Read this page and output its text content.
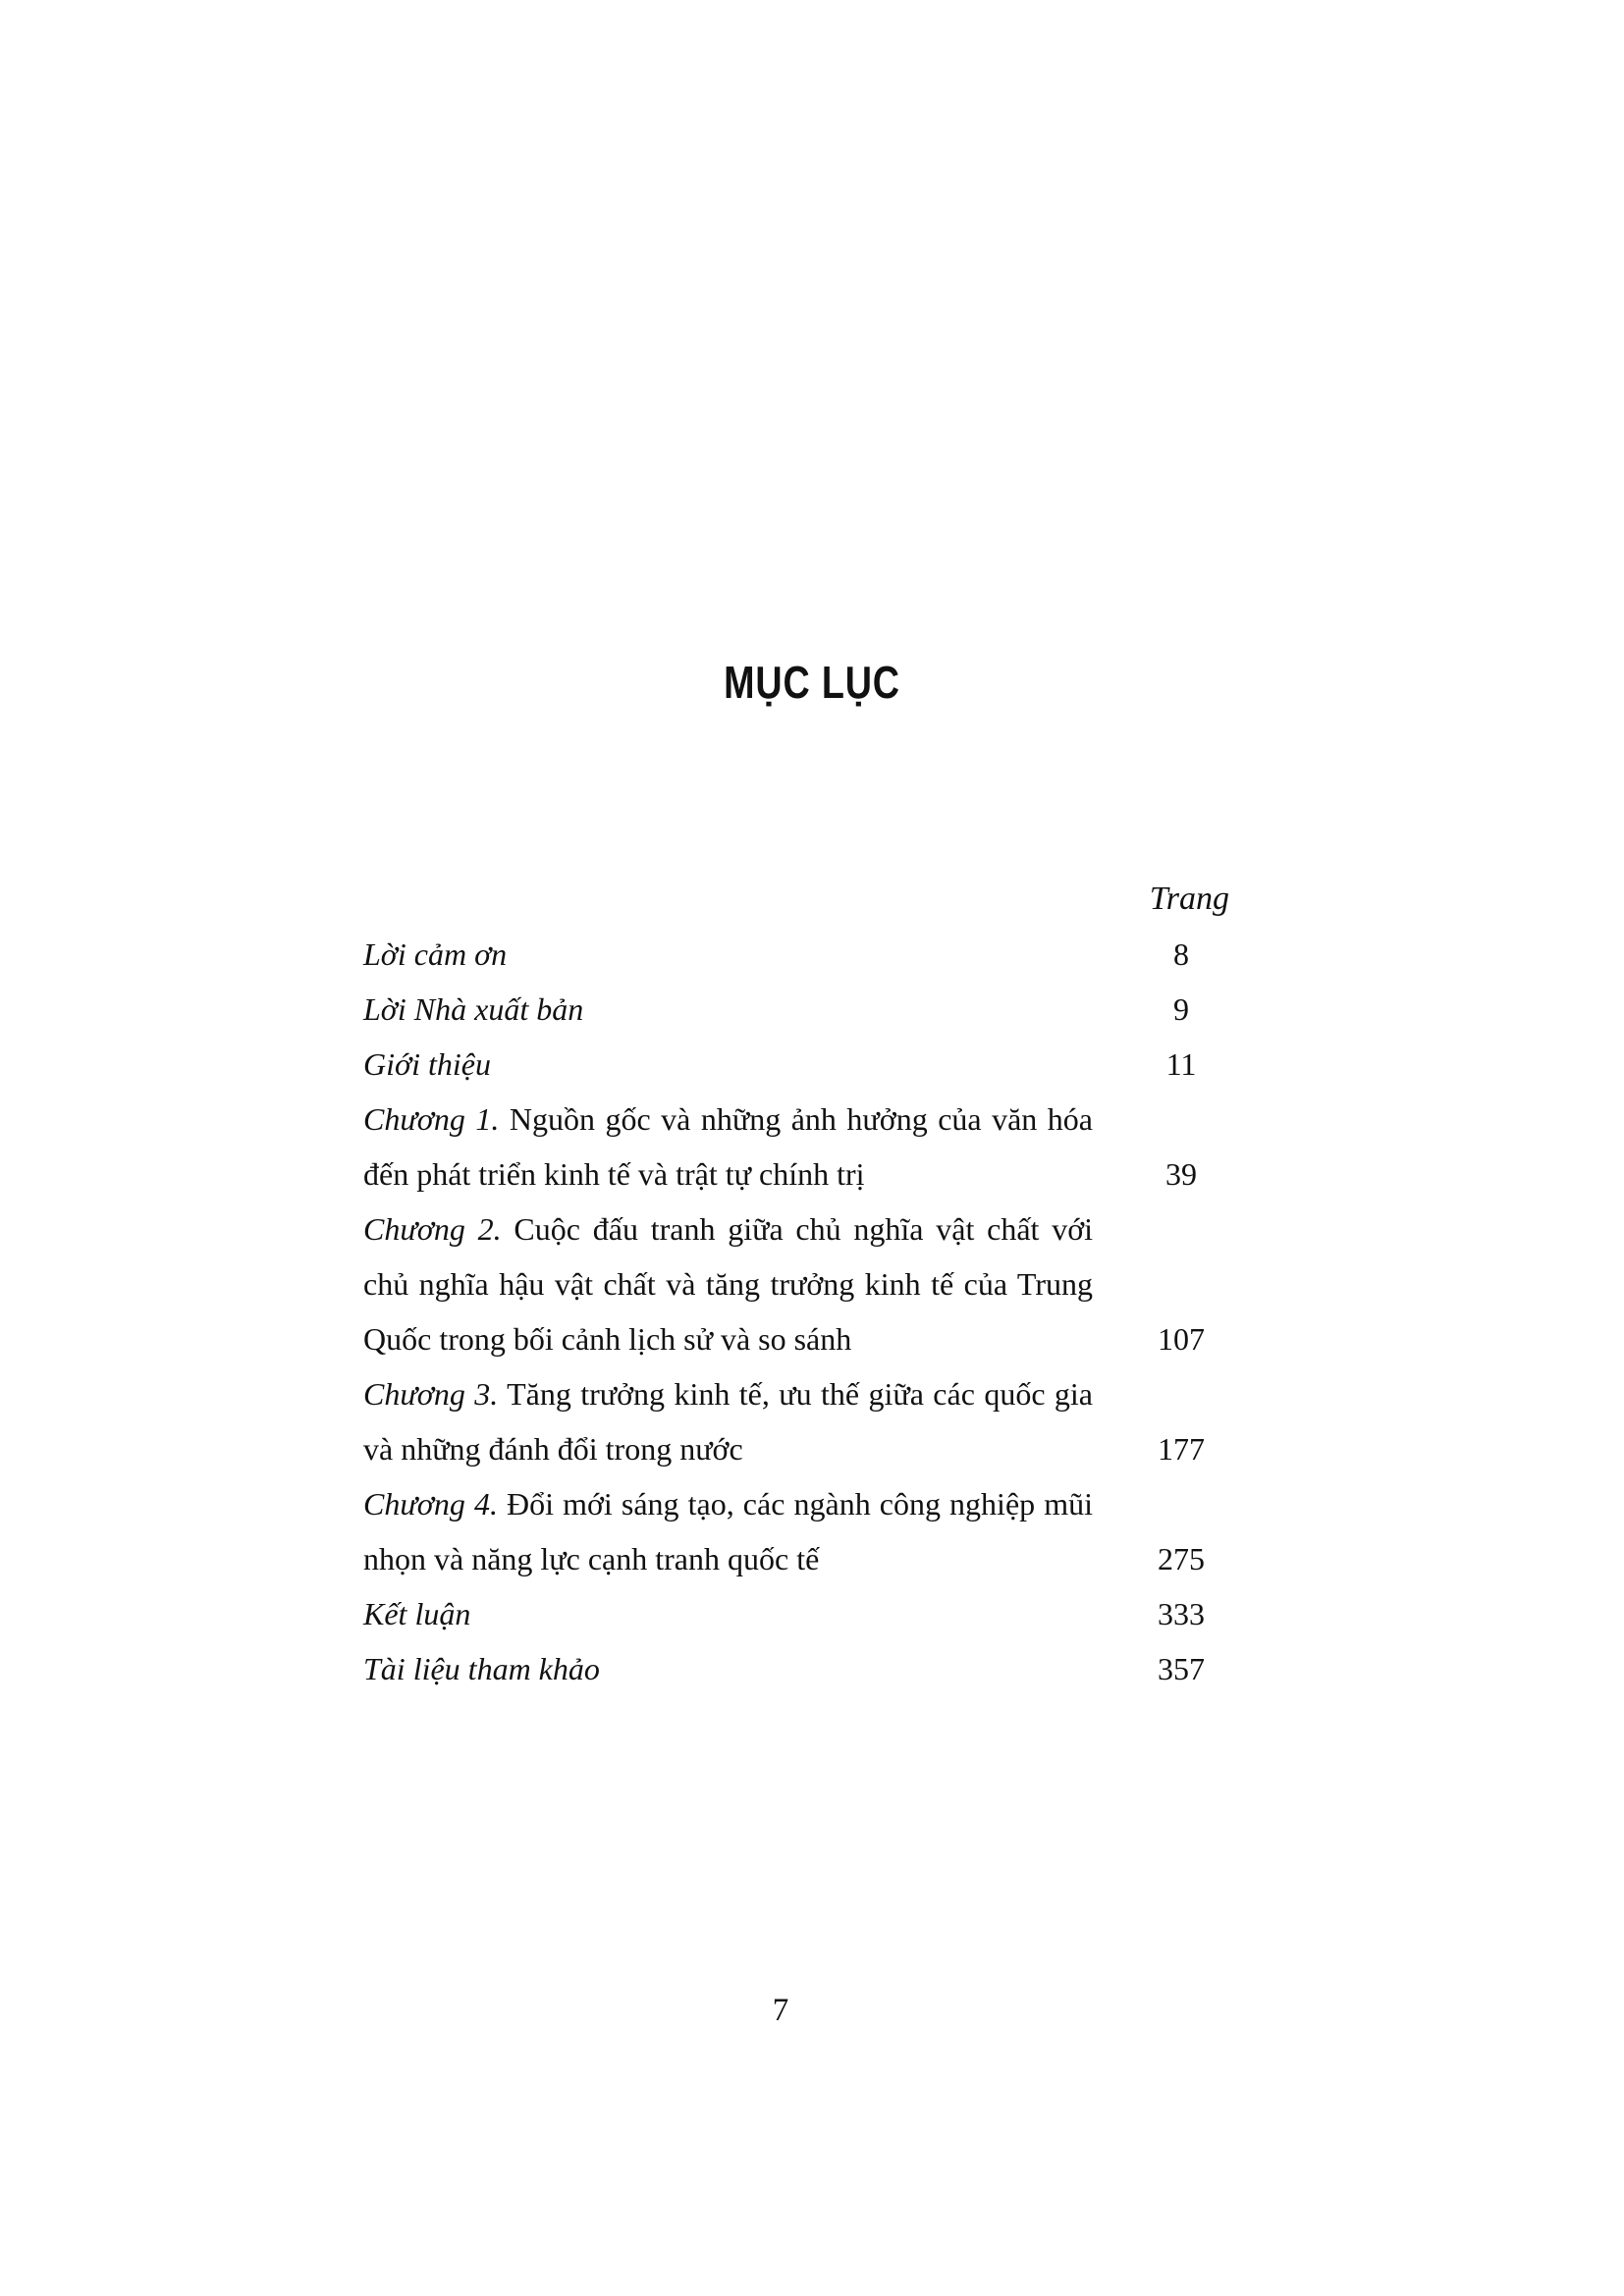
MỤC LỤC
Trang
Lời cảm ơn	8
Lời Nhà xuất bản	9
Giới thiệu	11
Chương 1. Nguồn gốc và những ảnh hưởng của văn hóa đến phát triển kinh tế và trật tự chính trị	39
Chương 2. Cuộc đấu tranh giữa chủ nghĩa vật chất với chủ nghĩa hậu vật chất và tăng trưởng kinh tế của Trung Quốc trong bối cảnh lịch sử và so sánh	107
Chương 3. Tăng trưởng kinh tế, ưu thế giữa các quốc gia và những đánh đổi trong nước	177
Chương 4. Đổi mới sáng tạo, các ngành công nghiệp mũi nhọn và năng lực cạnh tranh quốc tế	275
Kết luận	333
Tài liệu tham khảo	357
7
